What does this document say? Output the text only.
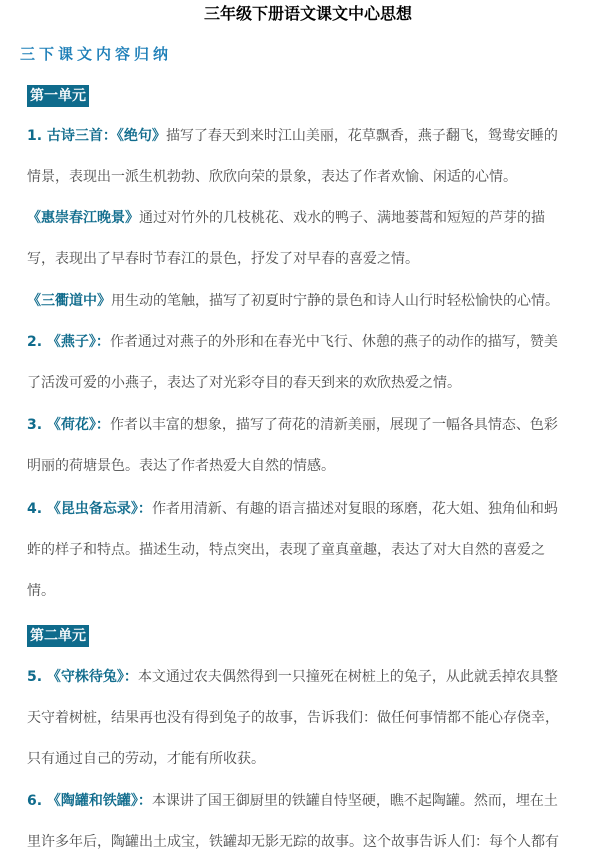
三年级下册语文课文中心思想
三下课文内容归纳
第一单元
1. 古诗三首：《绝句》描写了春天到来时江山美丽，花草飘香，燕子翻飞，鸳鸯安睡的
情景，表现出一派生机勃勃、欣欣向荣的景象，表达了作者欢愉、闲适的心情。
《惠崇春江晚景》通过对竹外的几枝桃花、戏水的鸭子、满地蒌蒿和短短的芦芽的描
写，表现出了早春时节春江的景色，抒发了对早春的喜爱之情。
《三衢道中》用生动的笔触，描写了初夏时宁静的景色和诗人山行时轻松愉快的心情。
2. 《燕子》：作者通过对燕子的外形和在春光中飞行、休憩的燕子的动作的描写，赞美
了活泼可爱的小燕子，表达了对光彩夺目的春天到来的欢欣热爱之情。
3. 《荷花》：作者以丰富的想象，描写了荷花的清新美丽，展现了一幅各具情态、色彩
明丽的荷塘景色。表达了作者热爱大自然的情感。
4. 《昆虫备忘录》：作者用清新、有趣的语言描述对复眼的琢磨，花大姐、独角仙和蚂
蚱的样子和特点。描述生动，特点突出，表现了童真童趣，表达了对大自然的喜爱之
情。
第二单元
5. 《守株待兔》：本文通过农夫偶然得到一只撞死在树桩上的兔子，从此就丢掉农具整
天守着树桩，结果再也没有得到兔子的故事，告诉我们：做任何事情都不能心存侥幸，
只有通过自己的劳动，才能有所收获。
6. 《陶罐和铁罐》：本课讲了国王御厨里的铁罐自恃坚硬，瞧不起陶罐。然而，埋在土
里许多年后，陶罐出土成宝，铁罐却无影无踪的故事。这个故事告诉人们：每个人都有
